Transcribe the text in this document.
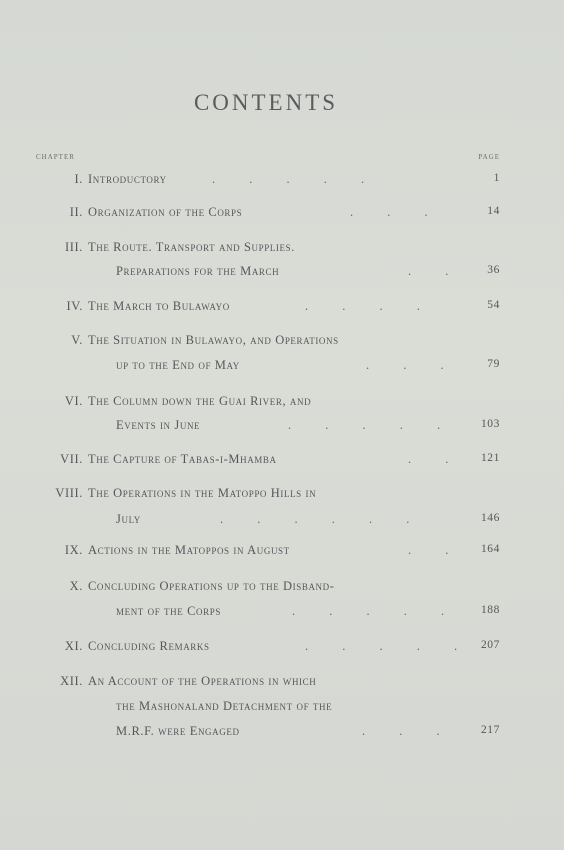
CONTENTS
CHAPTER	PAGE
I. Introductory	.         .         .         .         .	1
II. Organization of the Corps	.         .         .	14
III. The Route. Transport and Supplies.
Preparations for the March	.         .	36
IV. The March to Bulawayo	.         .         .         .	54
V. The Situation in Bulawayo, and Operations
up to the End of May	.         .         .	79
VI. The Column down the Guai River, and
Events in June	.         .         .         .         .	103
VII. The Capture of Tabas-i-Mhamba	.         .	121
VIII. The Operations in the Matoppo Hills in
July	.         .         .         .         .         .	146
IX. Actions in the Matoppos in August	.         .	164
X. Concluding Operations up to the Disband-
ment of the Corps	.         .         .         .         .	188
XI. Concluding Remarks	.         .         .         .         . 207
XII. An Account of the Operations in which
the Mashonaland Detachment of the
M.R.F. were Engaged	.         .         .	217
